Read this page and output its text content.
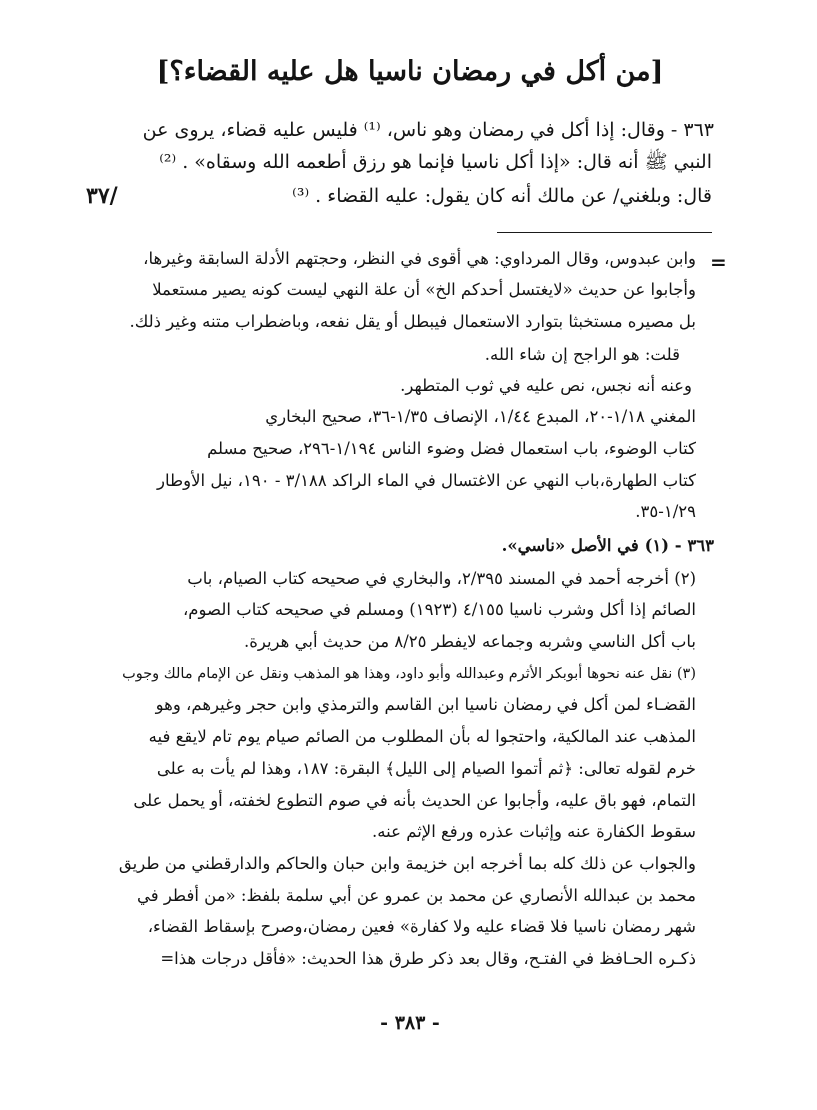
[من أكل في رمضان ناسيا هل عليه القضاء؟]
٣٦٣ - وقال: إذا أكل في رمضان وهو ناس، ⁽¹⁾ فليس عليه قضاء، يروى عن
النبي ﷺ أنه قال: «إذا أكل ناسيا فإنما هو رزق أطعمه الله وسقاه» . ⁽²⁾
قال: وبلغني/ عن مالك أنه كان يقول: عليه القضاء . ⁽³⁾
/٣٧
=
وابن عبدوس، وقال المرداوي: هي أقوى في النظر، وحجتهم الأدلة السابقة وغيرها،
وأجابوا عن حديث «لايغتسل أحدكم الخ» أن علة النهي ليست كونه يصير مستعملا
بل مصيره مستخبثا بتوارد الاستعمال فيبطل أو يقل نفعه، وباضطراب متنه وغير ذلك.
قلت: هو الراجح إن شاء الله.
وعنه أنه نجس، نص عليه في ثوب المتطهر.
المغني ١/١٨-٢٠، المبدع ١/٤٤، الإنصاف ١/٣٥-٣٦، صحيح البخاري
كتاب الوضوء، باب استعمال فضل وضوء الناس ١/١٩٤-٢٩٦، صحيح مسلم
كتاب الطهارة،باب النهي عن الاغتسال في الماء الراكد ٣/١٨٨ - ١٩٠، نيل الأوطار
١/٢٩-٣٥.
٣٦٣ - (١) في الأصل «ناسي».
(٢) أخرجه أحمد في المسند ٢/٣٩٥، والبخاري في صحيحه كتاب الصيام، باب
الصائم إذا أكل وشرب ناسيا ٤/١٥٥ (١٩٢٣) ومسلم في صحيحه كتاب الصوم،
باب أكل الناسي وشربه وجماعه لايفطر ٨/٢٥ من حديث أبي هريرة.
(٣) نقل عنه نحوها أبوبكر الأثرم وعبدالله وأبو داود، وهذا هو المذهب ونقل عن الإمام مالك وجوب
القضـاء لمن أكل في رمضان ناسيا ابن القاسم والترمذي وابن حجر وغيرهم، وهو
المذهب عند المالكية، واحتجوا له بأن المطلوب من الصائم صيام يوم تام لايقع فيه
خرم لقوله تعالى: ﴿ثم أتموا الصيام إلى الليل﴾ البقرة: ١٨٧، وهذا لم يأت به على
التمام، فهو باق عليه، وأجابوا عن الحديث بأنه في صوم التطوع لخفته، أو يحمل على
سقوط الكفارة عنه وإثبات عذره ورفع الإثم عنه.
والجواب عن ذلك كله بما أخرجه ابن خزيمة وابن حبان والحاكم والدارقطني من طريق
محمد بن عبدالله الأنصاري عن محمد بن عمرو عن أبي سلمة بلفظ: «من أفطر في
شهر رمضان ناسيا فلا قضاء عليه ولا كفارة» فعين رمضان،وصرح بإسقاط القضاء،
ذكـره الحـافظ في الفتـح، وقال بعد ذكر طرق هذا الحديث: «فأقل درجات هذا=
- ٣٨٣ -
